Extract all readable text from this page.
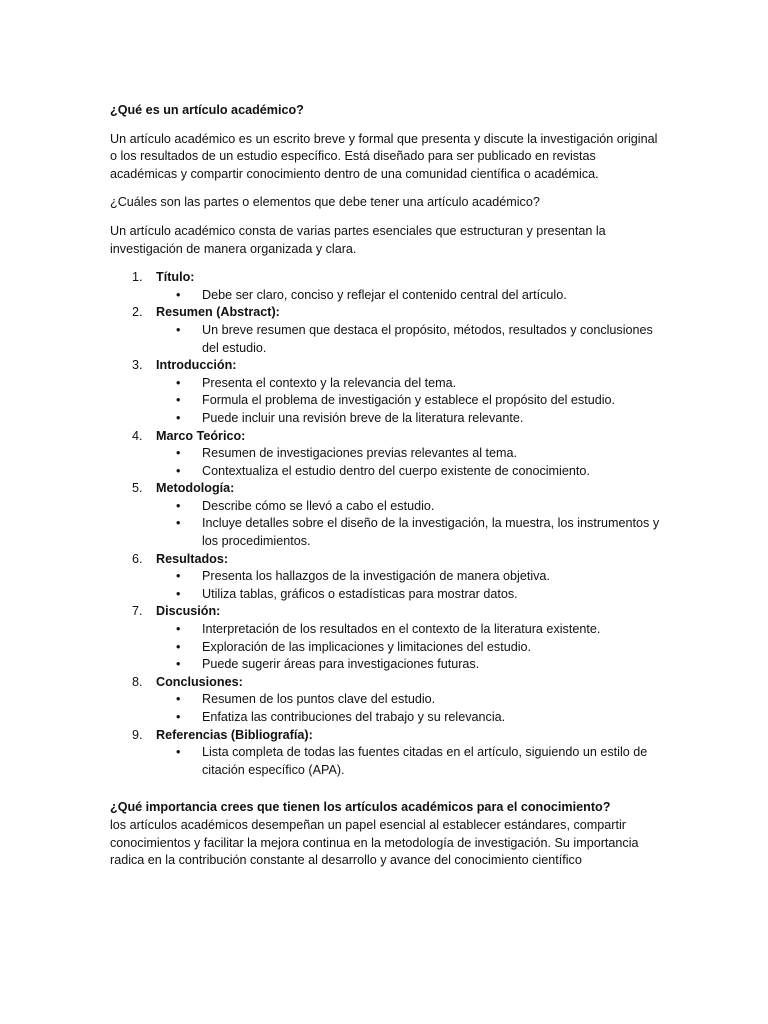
¿Qué es un artículo académico?
Un artículo académico es un escrito breve y formal que presenta y discute la investigación original o los resultados de un estudio específico. Está diseñado para ser publicado en revistas académicas y compartir conocimiento dentro de una comunidad científica o académica.
¿Cuáles son las partes o elementos que debe tener una artículo académico?
Un artículo académico consta de varias partes esenciales que estructuran y presentan la investigación de manera organizada y clara.
1.	Título:
• Debe ser claro, conciso y reflejar el contenido central del artículo.
2.	Resumen (Abstract):
• Un breve resumen que destaca el propósito, métodos, resultados y conclusiones del estudio.
3.	Introducción:
• Presenta el contexto y la relevancia del tema.
• Formula el problema de investigación y establece el propósito del estudio.
• Puede incluir una revisión breve de la literatura relevante.
4.	Marco Teórico:
• Resumen de investigaciones previas relevantes al tema.
• Contextualiza el estudio dentro del cuerpo existente de conocimiento.
5.	Metodología:
• Describe cómo se llevó a cabo el estudio.
• Incluye detalles sobre el diseño de la investigación, la muestra, los instrumentos y los procedimientos.
6.	Resultados:
• Presenta los hallazgos de la investigación de manera objetiva.
• Utiliza tablas, gráficos o estadísticas para mostrar datos.
7.	Discusión:
• Interpretación de los resultados en el contexto de la literatura existente.
• Exploración de las implicaciones y limitaciones del estudio.
• Puede sugerir áreas para investigaciones futuras.
8.	Conclusiones:
• Resumen de los puntos clave del estudio.
• Enfatiza las contribuciones del trabajo y su relevancia.
9.	Referencias (Bibliografía):
• Lista completa de todas las fuentes citadas en el artículo, siguiendo un estilo de citación específico (APA).
¿Qué importancia crees que tienen los artículos académicos para el conocimiento?
los artículos académicos desempeñan un papel esencial al establecer estándares, compartir conocimientos y facilitar la mejora continua en la metodología de investigación. Su importancia radica en la contribución constante al desarrollo y avance del conocimiento científico
